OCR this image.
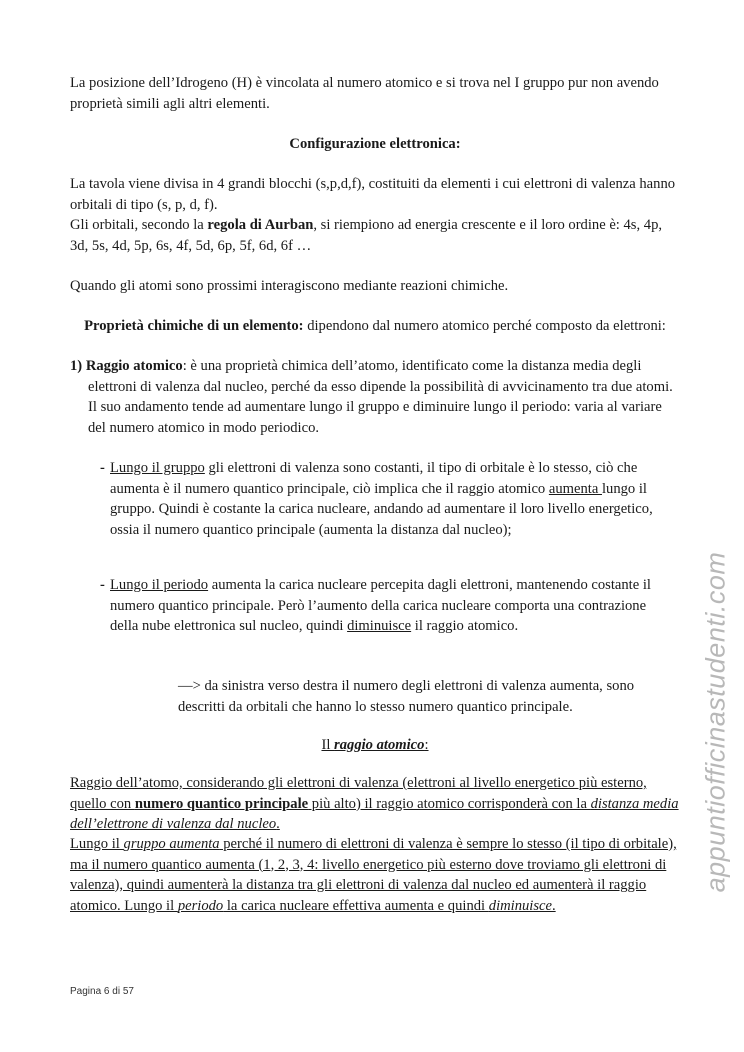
La posizione dell’Idrogeno (H) è vincolata al numero atomico e si trova nel I gruppo pur non avendo proprietà simili agli altri elementi.

Configurazione elettronica:

La tavola viene divisa in 4 grandi blocchi (s,p,d,f), costituiti da elementi i cui elettroni di valenza hanno orbitali di tipo (s, p, d, f).

Gli orbitali, secondo la regola di Aurban, si riempiono ad energia crescente e il loro ordine è: 4s, 4p, 3d, 5s, 4d, 5p, 6s, 4f, 5d, 6p, 5f, 6d, 6f …

Quando gli atomi sono prossimi interagiscono mediante reazioni chimiche.

Proprietà chimiche di un elemento: dipendono dal numero atomico perché composto da elettroni:

1) Raggio atomico: è una proprietà chimica dell’atomo, identificato come la distanza media degli elettroni di valenza dal nucleo, perché da esso dipende la possibilità di avvicinamento tra due atomi. Il suo andamento tende ad aumentare lungo il gruppo e diminuire lungo il periodo: varia al variare del numero atomico in modo periodico.
- Lungo il gruppo gli elettroni di valenza sono costanti, il tipo di orbitale è lo stesso, ciò che aumenta è il numero quantico principale, ciò implica che il raggio atomico aumenta lungo il gruppo. Quindi è costante la carica nucleare, andando ad aumentare il loro livello energetico, ossia il numero quantico principale (aumenta la distanza dal nucleo);
- Lungo il periodo aumenta la carica nucleare percepita dagli elettroni, mantenendo costante il numero quantico principale. Però l’aumento della carica nucleare comporta una contrazione della nube elettronica sul nucleo, quindi diminuisce il raggio atomico.
—> da sinistra verso destra il numero degli elettroni di valenza aumenta, sono descritti da orbitali che hanno lo stesso numero quantico principale.

Il raggio atomico:

Raggio dell’atomo, considerando gli elettroni di valenza (elettroni al livello energetico più esterno, quello con numero quantico principale più alto) il raggio atomico corrisponderà con la distanza media dell’elettrone di valenza dal nucleo.

Lungo il gruppo aumenta perché il numero di elettroni di valenza è sempre lo stesso (il tipo di orbitale), ma il numero quantico aumenta (1, 2, 3, 4: livello energetico più esterno dove troviamo gli elettroni di valenza), quindi aumenterà la distanza tra gli elettroni di valenza dal nucleo ed aumenterà il raggio atomico. Lungo il periodo la carica nucleare effettiva aumenta e quindi diminuisce.

Pagina 6 di 57
appuntiofficinastudenti.com
